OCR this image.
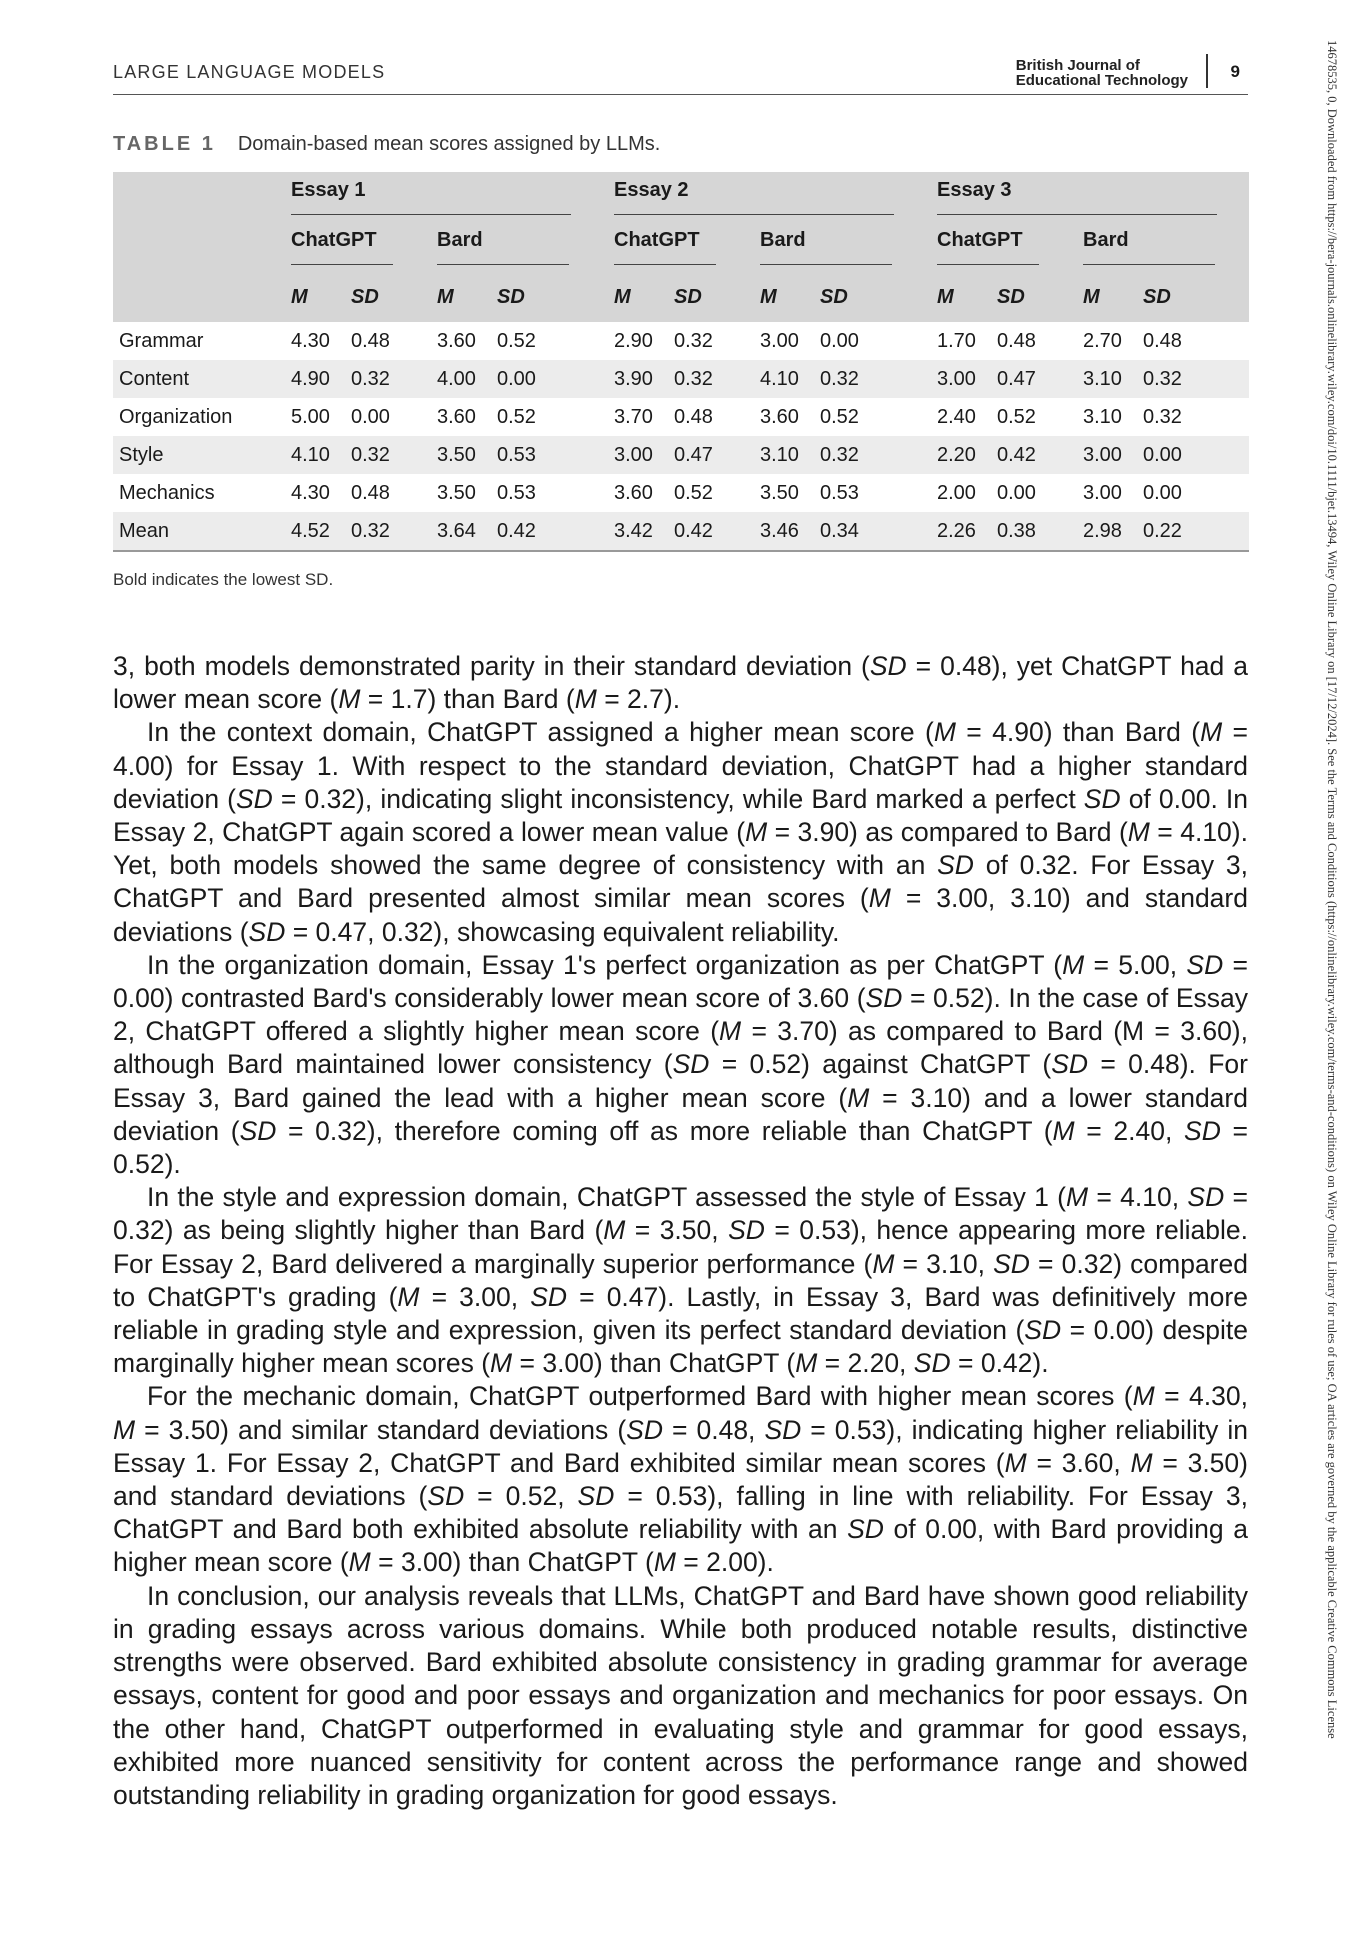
LARGE LANGUAGE MODELS	British Journal of
Educational Technology	9
TABLE 1 Domain-based mean scores assigned by LLMs.
	Essay 1				Essay 2				Essay 3			
	ChatGPT		Bard		ChatGPT		Bard		ChatGPT		Bard	
	M	SD	M	SD	M	SD	M	SD	M	SD	M	SD
Grammar	4.30	0.48	3.60	0.52	2.90	0.32	3.00	0.00	1.70	0.48	2.70	0.48
Content	4.90	0.32	4.00	0.00	3.90	0.32	4.10	0.32	3.00	0.47	3.10	0.32
Organization	5.00	0.00	3.60	0.52	3.70	0.48	3.60	0.52	2.40	0.52	3.10	0.32
Style	4.10	0.32	3.50	0.53	3.00	0.47	3.10	0.32	2.20	0.42	3.00	0.00
Mechanics	4.30	0.48	3.50	0.53	3.60	0.52	3.50	0.53	2.00	0.00	3.00	0.00
Mean	4.52	0.32	3.64	0.42	3.42	0.42	3.46	0.34	2.26	0.38	2.98	0.22
Bold indicates the lowest SD.

3, both models demonstrated parity in their standard deviation (SD = 0.48), yet ChatGPT had a lower mean score (M = 1.7) than Bard (M = 2.7).

In the context domain, ChatGPT assigned a higher mean score (M = 4.90) than Bard (M = 4.00) for Essay 1. With respect to the standard deviation, ChatGPT had a higher standard deviation (SD = 0.32), indicating slight inconsistency, while Bard marked a perfect SD of 0.00. In Essay 2, ChatGPT again scored a lower mean value (M = 3.90) as compared to Bard (M = 4.10). Yet, both models showed the same degree of consistency with an SD of 0.32. For Essay 3, ChatGPT and Bard presented almost similar mean scores (M = 3.00, 3.10) and standard deviations (SD = 0.47, 0.32), showcasing equivalent reliability.

In the organization domain, Essay 1's perfect organization as per ChatGPT (M = 5.00, SD = 0.00) contrasted Bard's considerably lower mean score of 3.60 (SD = 0.52). In the case of Essay 2, ChatGPT offered a slightly higher mean score (M = 3.70) as compared to Bard (M = 3.60), although Bard maintained lower consistency (SD = 0.52) against ChatGPT (SD = 0.48). For Essay 3, Bard gained the lead with a higher mean score (M = 3.10) and a lower standard deviation (SD = 0.32), therefore coming off as more reliable than ChatGPT (M = 2.40, SD = 0.52).

In the style and expression domain, ChatGPT assessed the style of Essay 1 (M = 4.10, SD = 0.32) as being slightly higher than Bard (M = 3.50, SD = 0.53), hence appearing more reliable. For Essay 2, Bard delivered a marginally superior performance (M = 3.10, SD = 0.32) compared to ChatGPT's grading (M = 3.00, SD = 0.47). Lastly, in Essay 3, Bard was definitively more reliable in grading style and expression, given its perfect standard deviation (SD = 0.00) despite marginally higher mean scores (M = 3.00) than ChatGPT (M = 2.20, SD = 0.42).

For the mechanic domain, ChatGPT outperformed Bard with higher mean scores (M = 4.30, M = 3.50) and similar standard deviations (SD = 0.48, SD = 0.53), indicating higher reliability in Essay 1. For Essay 2, ChatGPT and Bard exhibited similar mean scores (M = 3.60, M = 3.50) and standard deviations (SD = 0.52, SD = 0.53), falling in line with reliability. For Essay 3, ChatGPT and Bard both exhibited absolute reliability with an SD of 0.00, with Bard providing a higher mean score (M = 3.00) than ChatGPT (M = 2.00).

In conclusion, our analysis reveals that LLMs, ChatGPT and Bard have shown good reliability in grading essays across various domains. While both produced notable results, distinctive strengths were observed. Bard exhibited absolute consistency in grading grammar for average essays, content for good and poor essays and organization and mechanics for poor essays. On the other hand, ChatGPT outperformed in evaluating style and grammar for good essays, exhibited more nuanced sensitivity for content across the performance range and showed outstanding reliability in grading organization for good essays.

14678535, 0, Downloaded from https://bera-journals.onlinelibrary.wiley.com/doi/10.1111/bjet.13494, Wiley Online Library on [17/12/2024]. See the Terms and Conditions (https://onlinelibrary.wiley.com/terms-and-conditions) on Wiley Online Library for rules of use; OA articles are governed by the applicable Creative Commons License
